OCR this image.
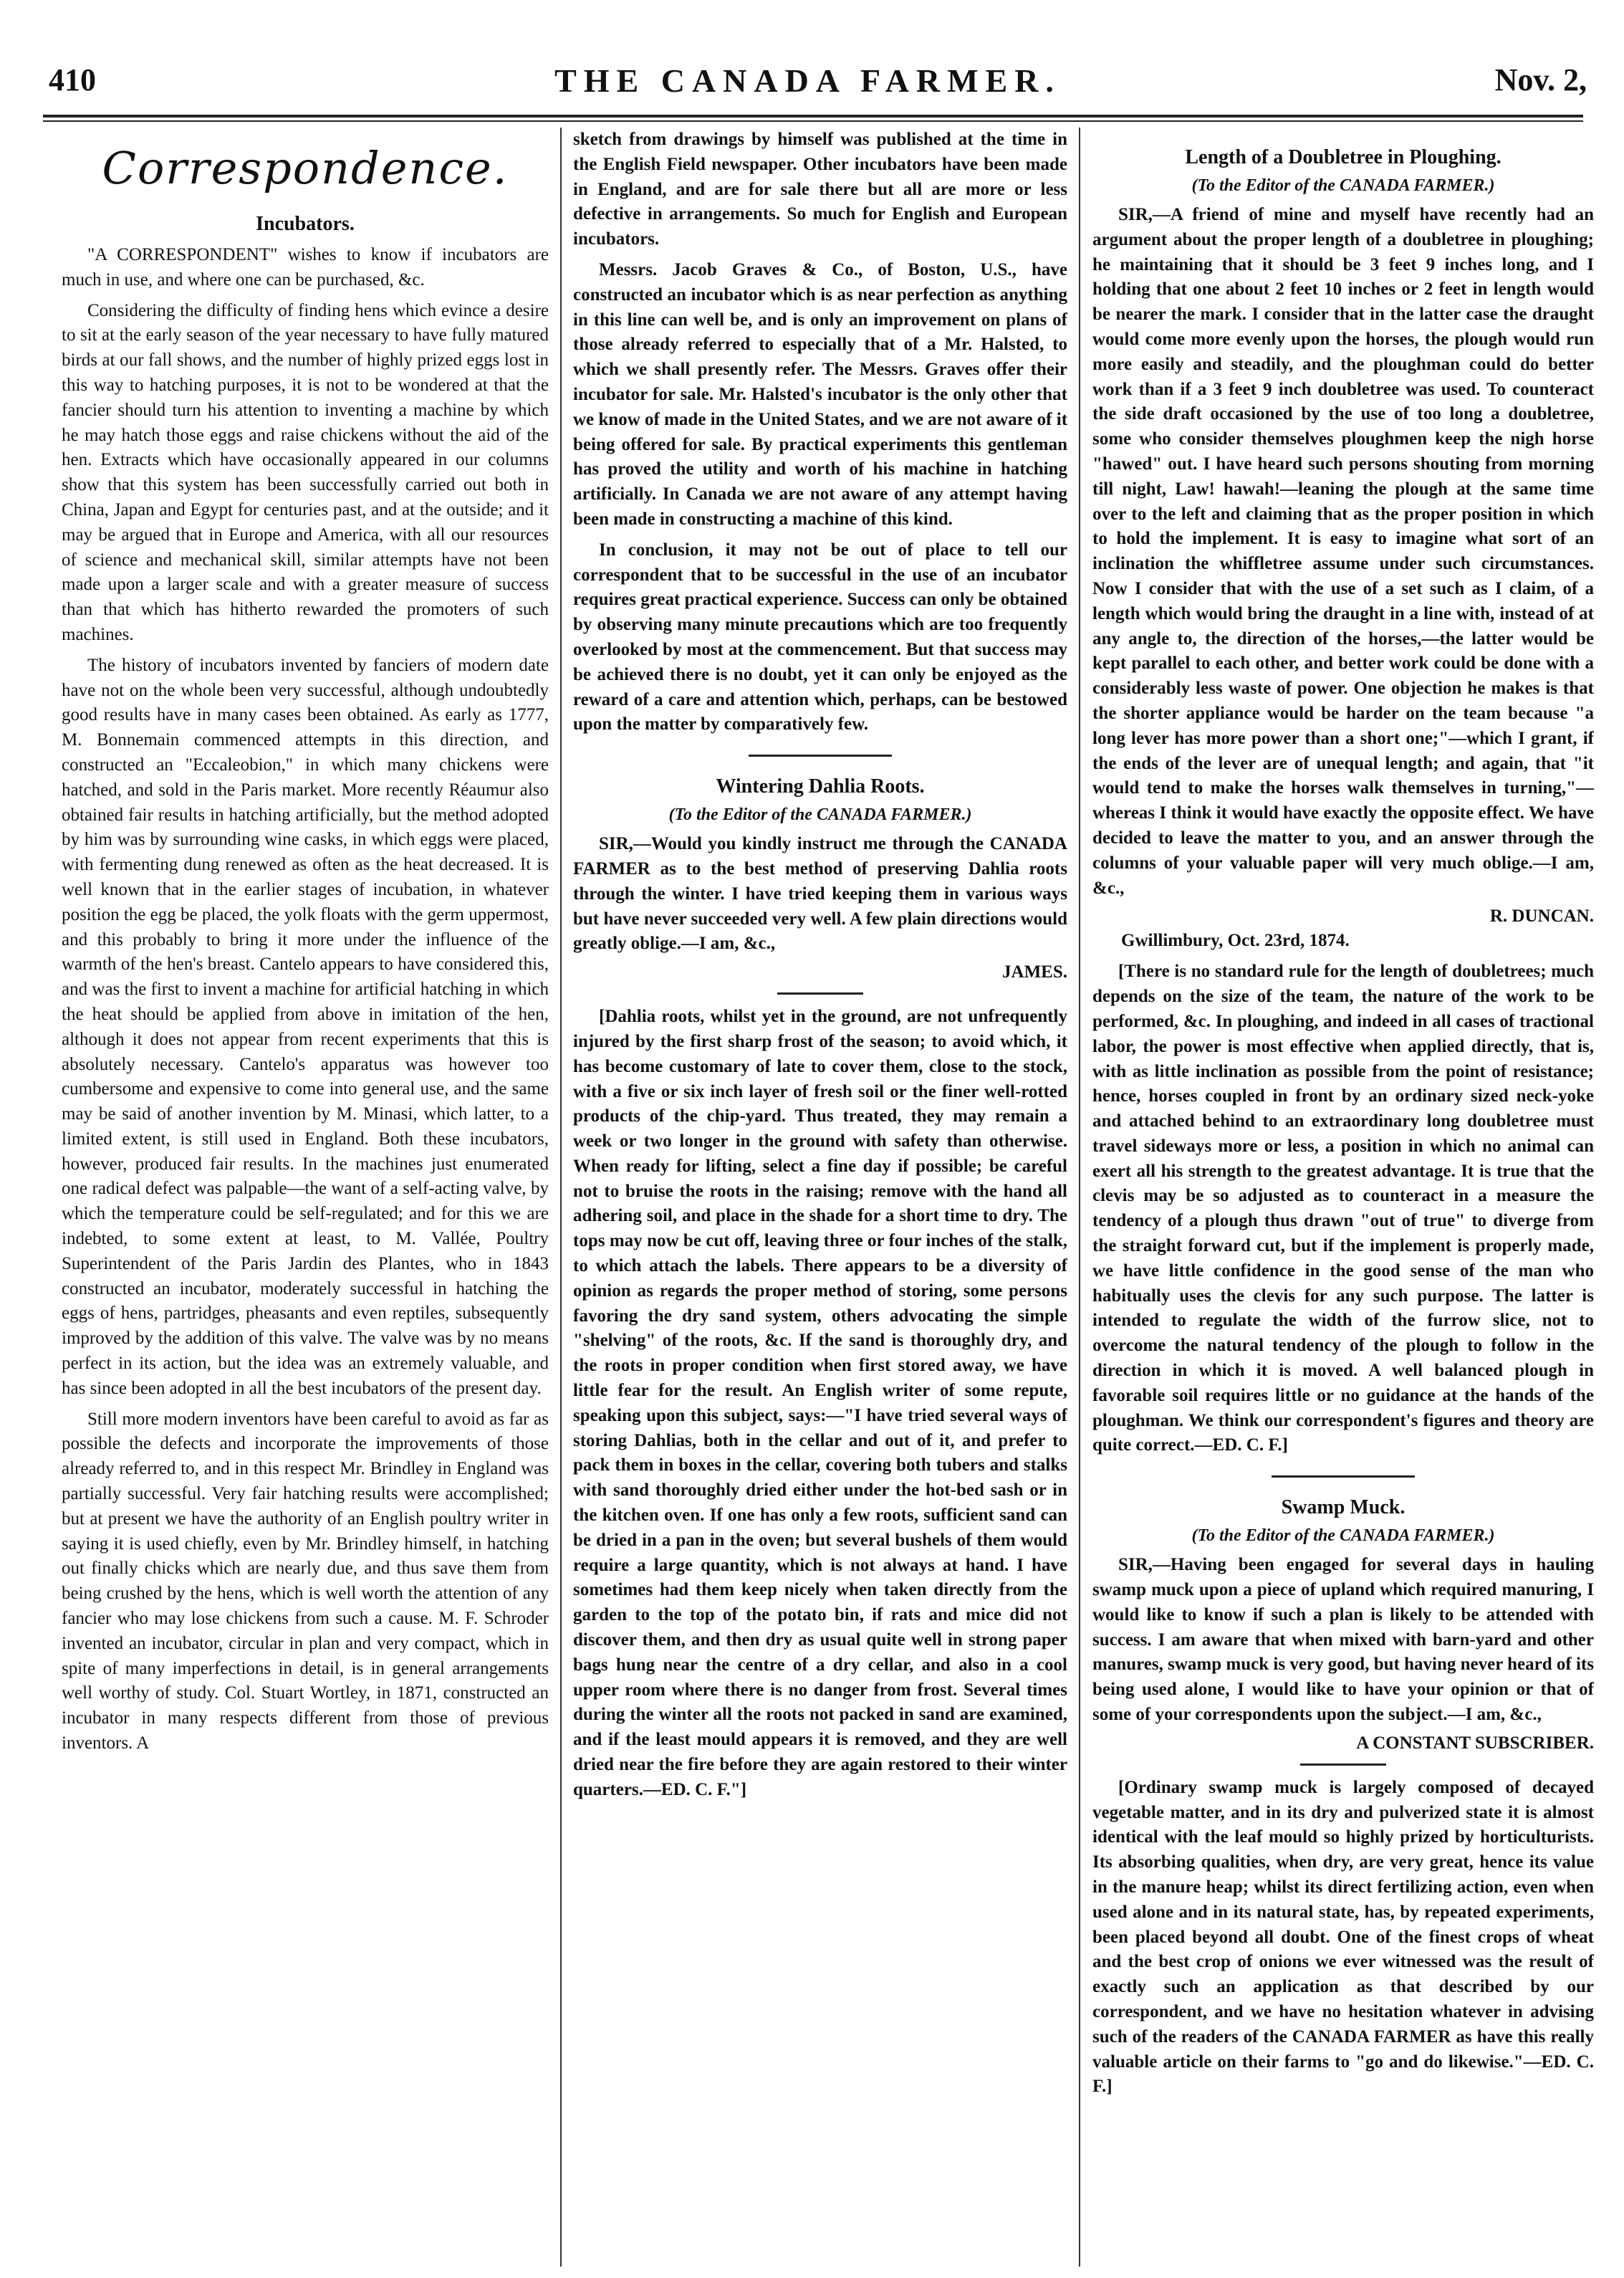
410	THE CANADA FARMER.	Nov. 2,
Correspondence.
Incubators.

"A CORRESPONDENT" wishes to know if incubators are much in use, and where one can be purchased, &c.

Considering the difficulty of finding hens which evince a desire to sit at the early season of the year necessary to have fully matured birds at our fall shows, and the number of highly prized eggs lost in this way to hatching purposes, it is not to be wondered at that the fancier should turn his attention to inventing a machine by which he may hatch those eggs and raise chickens without the aid of the hen. Extracts which have occasionally appeared in our columns show that this system has been successfully carried out both in China, Japan and Egypt for centuries past, and at the outside; and it may be argued that in Europe and America, with all our resources of science and mechanical skill, similar attempts have not been made upon a larger scale and with a greater measure of success than that which has hitherto rewarded the promoters of such machines.

The history of incubators invented by fanciers of modern date have not on the whole been very successful, although undoubtedly good results have in many cases been obtained. As early as 1777, M. Bonnemain commenced attempts in this direction, and constructed an "Eccaleobion," in which many chickens were hatched, and sold in the Paris market. More recently Réaumur also obtained fair results in hatching artificially, but the method adopted by him was by surrounding wine casks, in which eggs were placed, with fermenting dung renewed as often as the heat decreased. It is well known that in the earlier stages of incubation, in whatever position the egg be placed, the yolk floats with the germ uppermost, and this probably to bring it more under the influence of the warmth of the hen's breast. Cantelo appears to have considered this, and was the first to invent a machine for artificial hatching in which the heat should be applied from above in imitation of the hen, although it does not appear from recent experiments that this is absolutely necessary. Cantelo's apparatus was however too cumbersome and expensive to come into general use, and the same may be said of another invention by M. Minasi, which latter, to a limited extent, is still used in England. Both these incubators, however, produced fair results. In the machines just enumerated one radical defect was palpable—the want of a self-acting valve, by which the temperature could be self-regulated; and for this we are indebted, to some extent at least, to M. Vallée, Poultry Superintendent of the Paris Jardin des Plantes, who in 1843 constructed an incubator, moderately successful in hatching the eggs of hens, partridges, pheasants and even reptiles, subsequently improved by the addition of this valve. The valve was by no means perfect in its action, but the idea was an extremely valuable, and has since been adopted in all the best incubators of the present day.

Still more modern inventors have been careful to avoid as far as possible the defects and incorporate the improvements of those already referred to, and in this respect Mr. Brindley in England was partially successful. Very fair hatching results were accomplished; but at present we have the authority of an English poultry writer in saying it is used chiefly, even by Mr. Brindley himself, in hatching out finally chicks which are nearly due, and thus save them from being crushed by the hens, which is well worth the attention of any fancier who may lose chickens from such a cause. M. F. Schroder invented an incubator, circular in plan and very compact, which in spite of many imperfections in detail, is in general arrangements well worthy of study. Col. Stuart Wortley, in 1871, constructed an incubator in many respects different from those of previous inventors. A

sketch from drawings by himself was published at the time in the English Field newspaper. Other incubators have been made in England, and are for sale there but all are more or less defective in arrangements. So much for English and European incubators.

Messrs. Jacob Graves & Co., of Boston, U.S., have constructed an incubator which is as near perfection as anything in this line can well be, and is only an improvement on plans of those already referred to especially that of a Mr. Halsted, to which we shall presently refer. The Messrs. Graves offer their incubator for sale. Mr. Halsted's incubator is the only other that we know of made in the United States, and we are not aware of it being offered for sale. By practical experiments this gentleman has proved the utility and worth of his machine in hatching artificially. In Canada we are not aware of any attempt having been made in constructing a machine of this kind.

In conclusion, it may not be out of place to tell our correspondent that to be successful in the use of an incubator requires great practical experience. Success can only be obtained by observing many minute precautions which are too frequently overlooked by most at the commencement. But that success may be achieved there is no doubt, yet it can only be enjoyed as the reward of a care and attention which, perhaps, can be bestowed upon the matter by comparatively few.

Wintering Dahlia Roots.
(To the Editor of the CANADA FARMER.)

SIR,—Would you kindly instruct me through the CANADA FARMER as to the best method of preserving Dahlia roots through the winter. I have tried keeping them in various ways but have never succeeded very well. A few plain directions would greatly oblige.—I am, &c.,

JAMES.

[Dahlia roots, whilst yet in the ground, are not unfrequently injured by the first sharp frost of the season; to avoid which, it has become customary of late to cover them, close to the stock, with a five or six inch layer of fresh soil or the finer well-rotted products of the chip-yard. Thus treated, they may remain a week or two longer in the ground with safety than otherwise. When ready for lifting, select a fine day if possible; be careful not to bruise the roots in the raising; remove with the hand all adhering soil, and place in the shade for a short time to dry. The tops may now be cut off, leaving three or four inches of the stalk, to which attach the labels. There appears to be a diversity of opinion as regards the proper method of storing, some persons favoring the dry sand system, others advocating the simple "shelving" of the roots, &c. If the sand is thoroughly dry, and the roots in proper condition when first stored away, we have little fear for the result. An English writer of some repute, speaking upon this subject, says:—"I have tried several ways of storing Dahlias, both in the cellar and out of it, and prefer to pack them in boxes in the cellar, covering both tubers and stalks with sand thoroughly dried either under the hot-bed sash or in the kitchen oven. If one has only a few roots, sufficient sand can be dried in a pan in the oven; but several bushels of them would require a large quantity, which is not always at hand. I have sometimes had them keep nicely when taken directly from the garden to the top of the potato bin, if rats and mice did not discover them, and then dry as usual quite well in strong paper bags hung near the centre of a dry cellar, and also in a cool upper room where there is no danger from frost. Several times during the winter all the roots not packed in sand are examined, and if the least mould appears it is removed, and they are well dried near the fire before they are again restored to their winter quarters.—ED. C. F."]

Length of a Doubletree in Ploughing.
(To the Editor of the CANADA FARMER.)

SIR,—A friend of mine and myself have recently had an argument about the proper length of a doubletree in ploughing; he maintaining that it should be 3 feet 9 inches long, and I holding that one about 2 feet 10 inches or 2 feet in length would be nearer the mark. I consider that in the latter case the draught would come more evenly upon the horses, the plough would run more easily and steadily, and the ploughman could do better work than if a 3 feet 9 inch doubletree was used. To counteract the side draft occasioned by the use of too long a doubletree, some who consider themselves ploughmen keep the nigh horse "hawed" out. I have heard such persons shouting from morning till night, Law! hawah!—leaning the plough at the same time over to the left and claiming that as the proper position in which to hold the implement. It is easy to imagine what sort of an inclination the whiffletree assume under such circumstances. Now I consider that with the use of a set such as I claim, of a length which would bring the draught in a line with, instead of at any angle to, the direction of the horses,—the latter would be kept parallel to each other, and better work could be done with a considerably less waste of power. One objection he makes is that the shorter appliance would be harder on the team because "a long lever has more power than a short one;"—which I grant, if the ends of the lever are of unequal length; and again, that "it would tend to make the horses walk themselves in turning,"—whereas I think it would have exactly the opposite effect. We have decided to leave the matter to you, and an answer through the columns of your valuable paper will very much oblige.—I am, &c.,

R. DUNCAN.
Gwillimbury, Oct. 23rd, 1874.

[There is no standard rule for the length of doubletrees; much depends on the size of the team, the nature of the work to be performed, &c. In ploughing, and indeed in all cases of tractional labor, the power is most effective when applied directly, that is, with as little inclination as possible from the point of resistance; hence, horses coupled in front by an ordinary sized neck-yoke and attached behind to an extraordinary long doubletree must travel sideways more or less, a position in which no animal can exert all his strength to the greatest advantage. It is true that the clevis may be so adjusted as to counteract in a measure the tendency of a plough thus drawn "out of true" to diverge from the straight forward cut, but if the implement is properly made, we have little confidence in the good sense of the man who habitually uses the clevis for any such purpose. The latter is intended to regulate the width of the furrow slice, not to overcome the natural tendency of the plough to follow in the direction in which it is moved. A well balanced plough in favorable soil requires little or no guidance at the hands of the ploughman. We think our correspondent's figures and theory are quite correct.—ED. C. F.]

Swamp Muck.
(To the Editor of the CANADA FARMER.)

SIR,—Having been engaged for several days in hauling swamp muck upon a piece of upland which required manuring, I would like to know if such a plan is likely to be attended with success. I am aware that when mixed with barn-yard and other manures, swamp muck is very good, but having never heard of its being used alone, I would like to have your opinion or that of some of your correspondents upon the subject.—I am, &c.,

A CONSTANT SUBSCRIBER.

[Ordinary swamp muck is largely composed of decayed vegetable matter, and in its dry and pulverized state it is almost identical with the leaf mould so highly prized by horticulturists. Its absorbing qualities, when dry, are very great, hence its value in the manure heap; whilst its direct fertilizing action, even when used alone and in its natural state, has, by repeated experiments, been placed beyond all doubt. One of the finest crops of wheat and the best crop of onions we ever witnessed was the result of exactly such an application as that described by our correspondent, and we have no hesitation whatever in advising such of the readers of the CANADA FARMER as have this really valuable article on their farms to "go and do likewise."—ED. C. F.]
